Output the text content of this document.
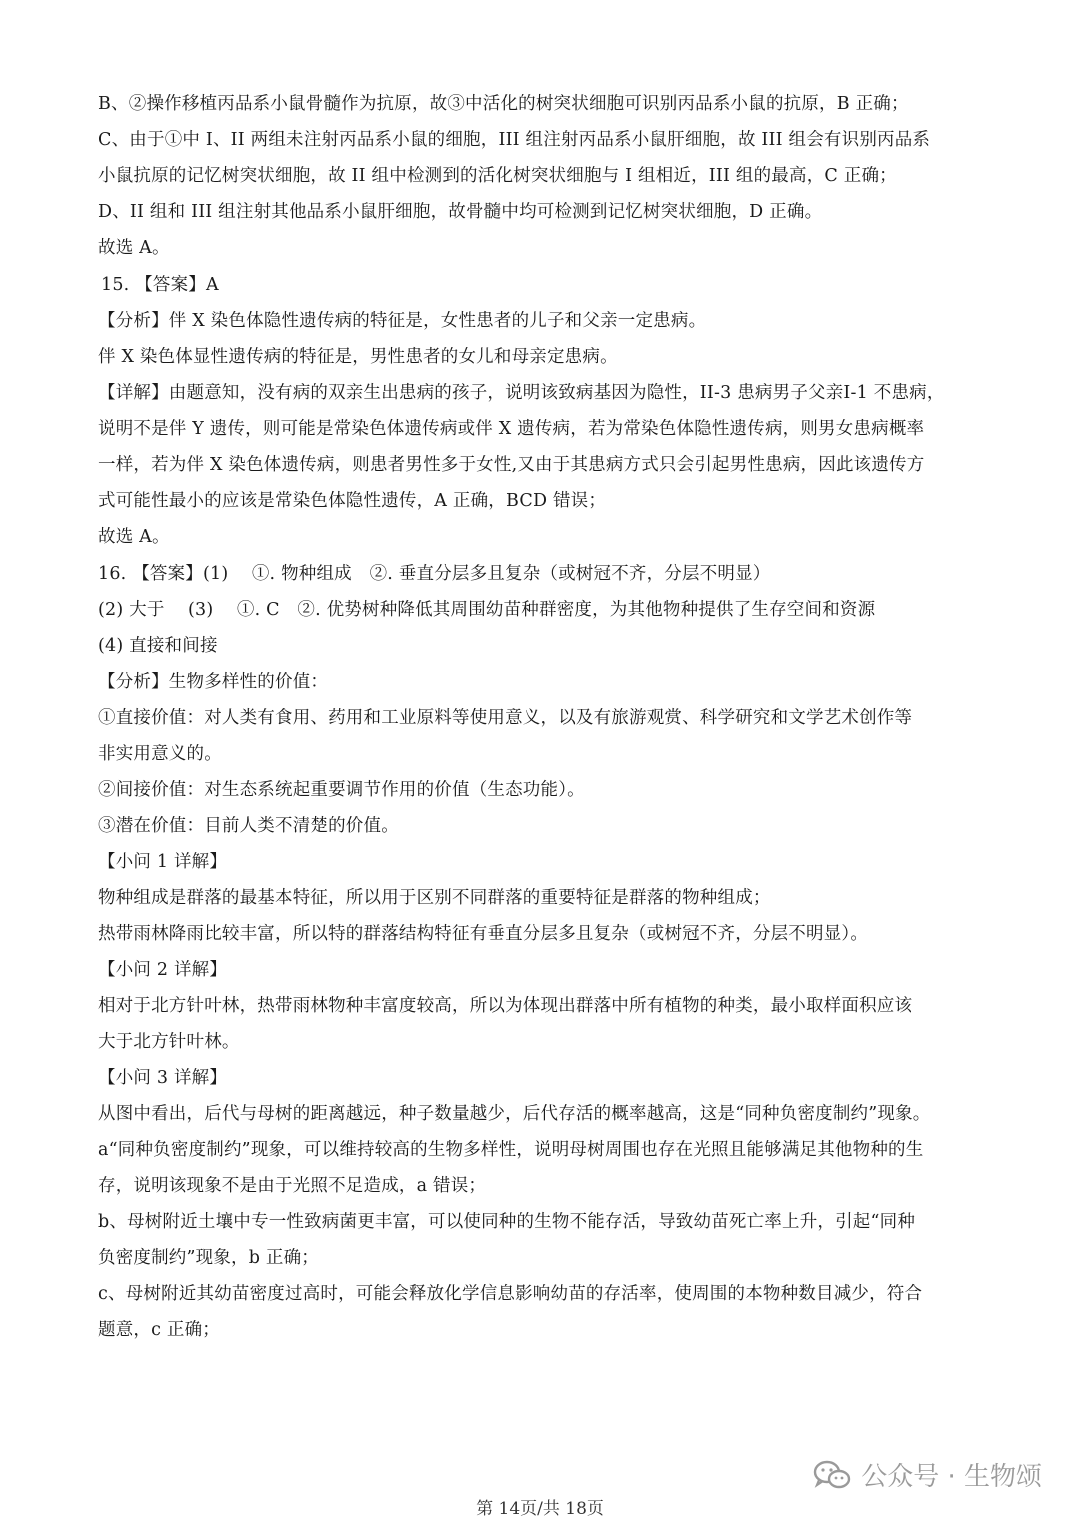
B、②操作移植丙品系小鼠骨髓作为抗原，故③中活化的树突状细胞可识别丙品系小鼠的抗原，B 正确；
C、由于①中 I、II 两组未注射丙品系小鼠的细胞，III 组注射丙品系小鼠肝细胞，故 III 组会有识别丙品系
小鼠抗原的记忆树突状细胞，故 II 组中检测到的活化树突状细胞与 I 组相近，III 组的最高，C 正确；
D、II 组和 III 组注射其他品系小鼠肝细胞，故骨髓中均可检测到记忆树突状细胞，D 正确。
故选 A。
15. 【答案】A
【分析】伴 X 染色体隐性遗传病的特征是，女性患者的儿子和父亲一定患病。
伴 X 染色体显性遗传病的特征是，男性患者的女儿和母亲定患病。
【详解】由题意知，没有病的双亲生出患病的孩子，说明该致病基因为隐性，II-3 患病男子父亲I-1 不患病，
说明不是伴 Y 遗传，则可能是常染色体遗传病或伴 X 遗传病，若为常染色体隐性遗传病，则男女患病概率
一样，若为伴 X 染色体遗传病，则患者男性多于女性,又由于其患病方式只会引起男性患病，因此该遗传方
式可能性最小的应该是常染色体隐性遗传，A 正确，BCD 错误；
故选 A。
16. 【答案】(1)　 ①. 物种组成　②. 垂直分层多且复杂（或树冠不齐，分层不明显）
(2) 大于　 (3)　 ①. C　②. 优势树种降低其周围幼苗种群密度，为其他物种提供了生存空间和资源
(4) 直接和间接
【分析】生物多样性的价值：
①直接价值：对人类有食用、药用和工业原料等使用意义，以及有旅游观赏、科学研究和文学艺术创作等
非实用意义的。
②间接价值：对生态系统起重要调节作用的价值（生态功能）。
③潜在价值：目前人类不清楚的价值。
【小问 1 详解】
物种组成是群落的最基本特征，所以用于区别不同群落的重要特征是群落的物种组成；
热带雨林降雨比较丰富，所以特的群落结构特征有垂直分层多且复杂（或树冠不齐，分层不明显）。
【小问 2 详解】
相对于北方针叶林，热带雨林物种丰富度较高，所以为体现出群落中所有植物的种类，最小取样面积应该
大于北方针叶林。
【小问 3 详解】
从图中看出，后代与母树的距离越远，种子数量越少，后代存活的概率越高，这是“同种负密度制约”现象。
a“同种负密度制约”现象，可以维持较高的生物多样性，说明母树周围也存在光照且能够满足其他物种的生
存，说明该现象不是由于光照不足造成，a 错误；
b、母树附近土壤中专一性致病菌更丰富，可以使同种的生物不能存活，导致幼苗死亡率上升，引起“同种
负密度制约”现象，b 正确；
c、母树附近其幼苗密度过高时，可能会释放化学信息影响幼苗的存活率，使周围的本物种数目减少，符合
题意，c 正确；
公众号 · 生物颂
第 14页/共 18页
